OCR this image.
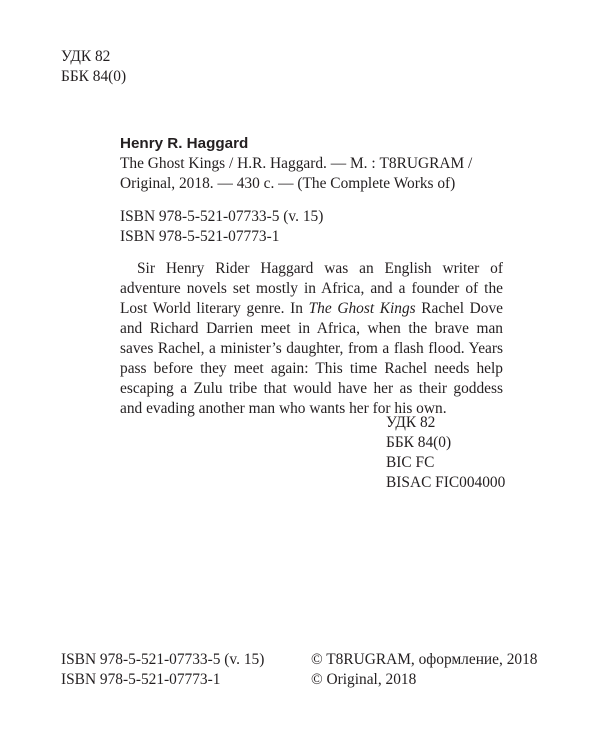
УДК 82
ББК 84(0)
Henry R. Haggard
The Ghost Kings / H.R. Haggard. — М. : T8RUGRAM /
Original, 2018. — 430 с. — (The Complete Works of)
ISBN 978-5-521-07733-5 (v. 15)
ISBN 978-5-521-07773-1

Sir Henry Rider Haggard was an English writer of adventure novels set mostly in Africa, and a founder of the Lost World literary genre. In The Ghost Kings Rachel Dove and Richard Darrien meet in Africa, when the brave man saves Rachel, a minister’s daughter, from a flash flood. Years pass before they meet again: This time Rachel needs help escaping a Zulu tribe that would have her as their goddess and evading another man who wants her for his own.

УДК 82
ББК 84(0)
BIC FC
BISAC FIC004000
ISBN 978-5-521-07733-5 (v. 15)	© T8RUGRAM, оформление, 2018
ISBN 978-5-521-07773-1	© Original, 2018
